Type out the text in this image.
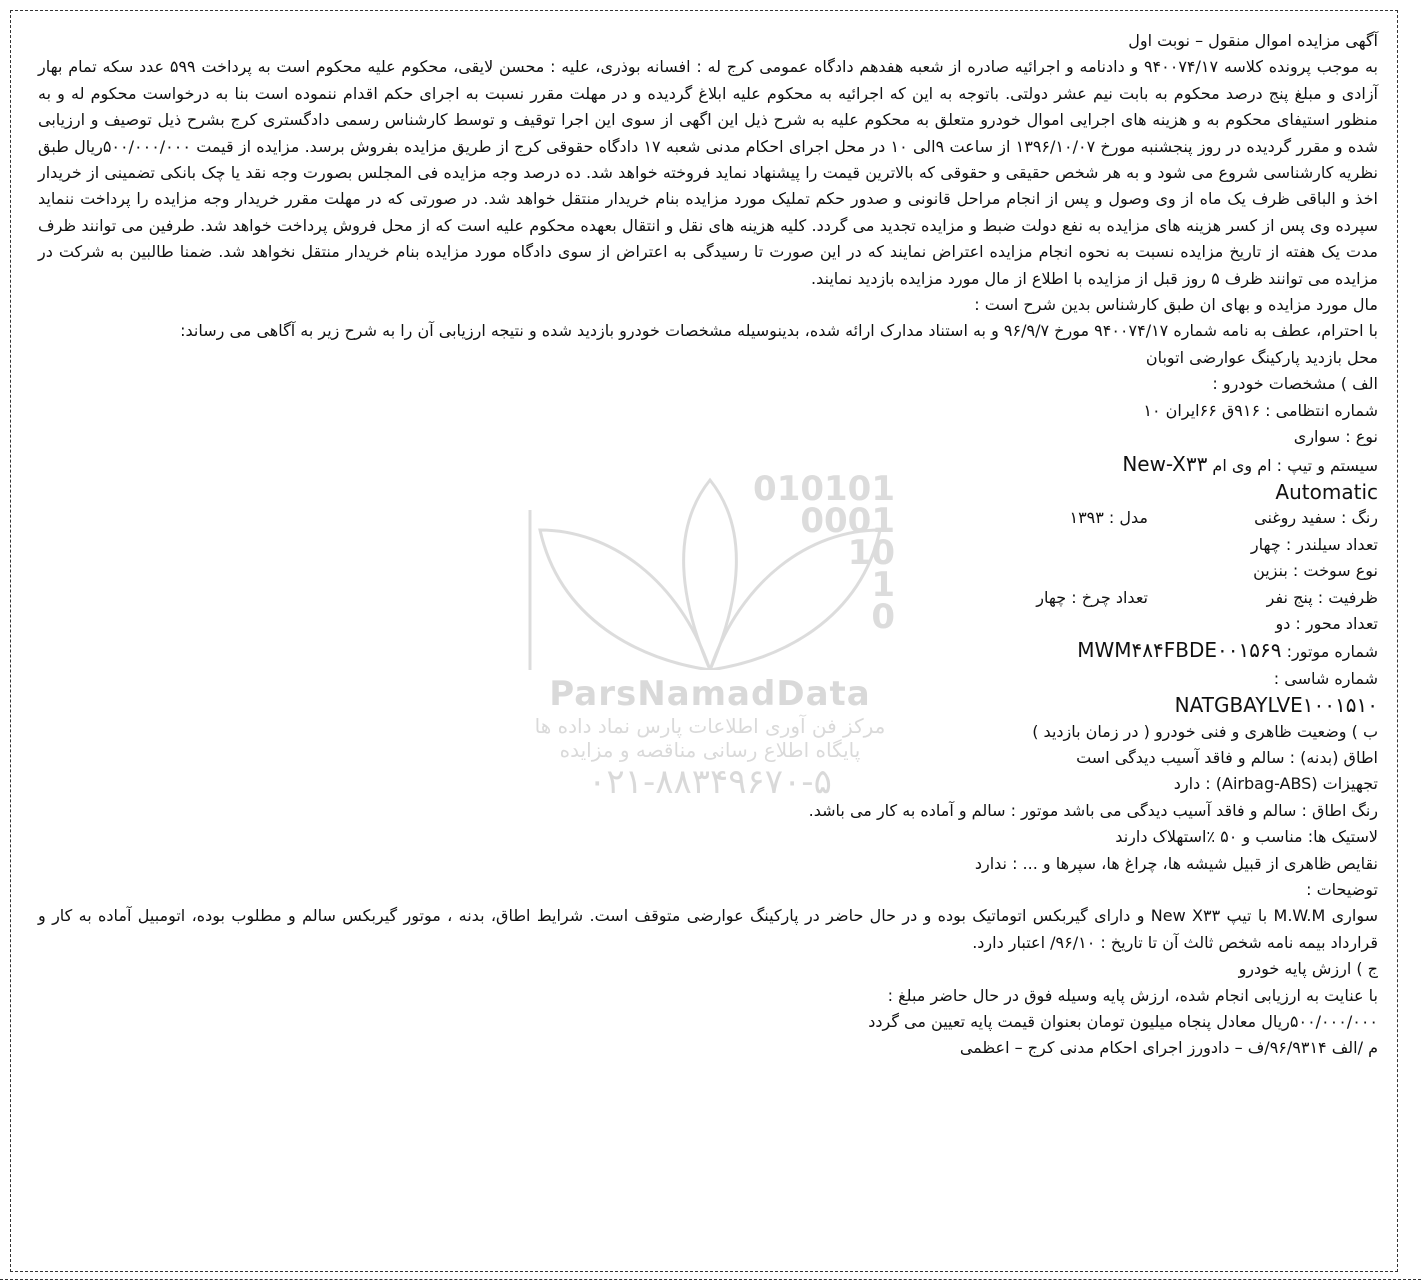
010101
0001
10
1
0
ParsNamadData
مرکز فن آوری اطلاعات پارس نماد داده ها
پایگاه اطلاع رسانی مناقصه و مزایده
۰۲۱-۸۸۳۴۹۶۷۰-۵

آگهی مزایده اموال منقول – نوبت اول

به موجب پرونده کلاسه ۹۴۰۰۷۴/۱۷ و دادنامه و اجرائیه صادره از شعبه هفدهم دادگاه عمومی کرج له : افسانه بوذری، علیه : محسن لایقی، محکوم علیه محکوم است به پرداخت ۵۹۹ عدد سکه تمام بهار آزادی و مبلغ پنج درصد محکوم به بابت نیم عشر دولتی. باتوجه به این که اجرائیه به محکوم علیه ابلاغ گردیده و در مهلت مقرر نسبت به اجرای حکم اقدام ننموده است بنا به درخواست محکوم له و به منظور استیفای محکوم به و هزینه های اجرایی اموال خودرو متعلق به محکوم علیه به شرح ذیل این اگهی از سوی این اجرا توقیف و توسط کارشناس رسمی دادگستری کرج بشرح ذیل توصیف و ارزیابی شده و مقرر گردیده در روز پنجشنبه مورخ ۱۳۹۶/۱۰/۰۷ از ساعت ۹الی ۱۰ در محل اجرای احکام مدنی شعبه ۱۷ دادگاه حقوقی کرج از طریق مزایده بفروش برسد. مزایده از قیمت ۵۰۰/۰۰۰/۰۰۰ریال طبق نظریه کارشناسی شروع می شود و به هر شخص حقیقی و حقوقی که بالاترین قیمت را پیشنهاد نماید فروخته خواهد شد. ده درصد وجه مزایده فی المجلس بصورت وجه نقد یا چک بانکی تضمینی از خریدار اخذ و الباقی ظرف یک ماه از وی وصول و پس از انجام مراحل قانونی و صدور حکم تملیک مورد مزایده بنام خریدار منتقل خواهد شد. در صورتی که در مهلت مقرر خریدار وجه مزایده را پرداخت ننماید سپرده وی پس از کسر هزینه های مزایده به نفع دولت ضبط و مزایده تجدید می گردد. کلیه هزینه های نقل و انتقال بعهده محکوم علیه است که از محل فروش پرداخت خواهد شد. طرفین می توانند ظرف مدت یک هفته از تاریخ مزایده نسبت به نحوه انجام مزایده اعتراض نمایند که در این صورت تا رسیدگی به اعتراض از سوی دادگاه مورد مزایده بنام خریدار منتقل نخواهد شد. ضمنا طالبین به شرکت در مزایده می توانند ظرف ۵ روز قبل از مزایده با اطلاع از مال مورد مزایده بازدید نمایند.

مال مورد مزایده و بهای ان طبق کارشناس بدین شرح است :

با احترام، عطف به نامه شماره ۹۴۰۰۷۴/۱۷ مورخ ۹۶/۹/۷ و به استناد مدارک ارائه شده، بدینوسیله مشخصات خودرو بازدید شده و نتیجه ارزیابی آن را به شرح زیر به آگاهی می رساند:

محل بازدید پارکینگ عوارضی اتوبان

الف ) مشخصات خودرو :

شماره انتظامی : ۹۱۶ق ۶۶ایران ۱۰

نوع : سواری

سیستم و تیپ : ام وی ام New-X۳۳

Automatic

رنگ : سفید روغنی
مدل : ۱۳۹۳

تعداد سیلندر : چهار

نوع سوخت : بنزین

ظرفیت : پنج نفر
تعداد چرخ : چهار

تعداد محور : دو

شماره موتور: MWM۴۸۴FBDE۰۰۱۵۶۹

شماره شاسی :

NATGBAYLVE۱۰۰۱۵۱۰

ب ) وضعیت ظاهری و فنی خودرو ( در زمان بازدید )

اطاق (بدنه) : سالم و فاقد آسیب دیدگی است

تجهیزات (Airbag-ABS) : دارد

رنگ اطاق : سالم و فاقد آسیب دیدگی می باشد موتور : سالم و آماده به کار می باشد.

لاستیک ها: مناسب و ۵۰ ٪استهلاک دارند

نقایص ظاهری از قبیل شیشه ها، چراغ ها، سپرها و ... : ندارد

توضیحات :

سواری M.W.M با تیپ New X۳۳ و دارای گیربکس اتوماتیک بوده و در حال حاضر در پارکینگ عوارضی متوقف است. شرایط اطاق، بدنه ، موتور گیربکس سالم و مطلوب بوده، اتومبیل آماده به کار و قرارداد بیمه نامه شخص ثالث آن تا تاریخ : ۹۶/۱۰/ اعتبار دارد.

ج ) ارزش پایه خودرو

با عنایت به ارزیابی انجام شده، ارزش پایه وسیله فوق در حال حاضر مبلغ :

۵۰۰/۰۰۰/۰۰۰ریال معادل پنجاه میلیون تومان بعنوان قیمت پایه تعیین می گردد

م /الف ۹۶/۹۳۱۴/ف – دادورز اجرای احکام مدنی کرج – اعظمی
